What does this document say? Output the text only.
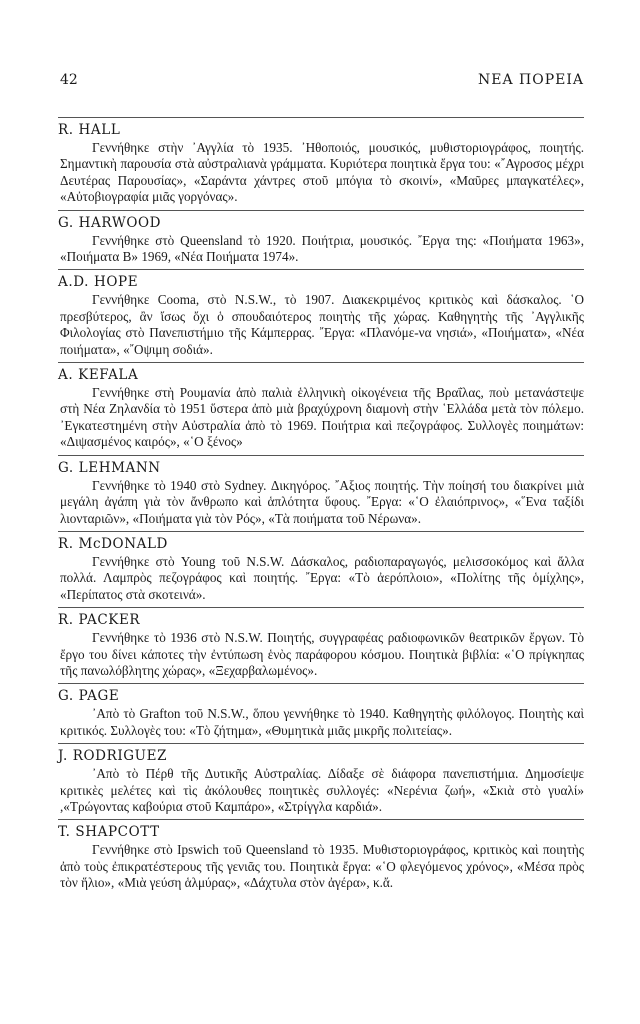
42	ΝΕΑ ΠΟΡΕΙΑ
R. HALL

Γεννήθηκε στὴν ᾿Αγγλία τὸ 1935. ᾿Ηθοποιός, μουσικός, μυθιστοριογράφος, ποιητής. Σημαντικὴ παρουσία στὰ αὐστραλιανὰ γράμματα. Κυριότερα ποιητικὰ ἔργα του: «῎Αγροσος μέχρι Δευτέρας Παρουσίας», «Σαράντα χάντρες στοῦ μπόγια τὸ σκοινί», «Μαῦρες μπαγκατέλες», «Αὐτοβιογραφία μιᾶς γοργόνας».

G. HARWOOD

Γεννήθηκε στὸ Queensland τὸ 1920. Ποιήτρια, μουσικός. ῎Εργα της: «Ποιήματα 1963», «Ποιήματα Β» 1969, «Νέα Ποιήματα 1974».

A.D. HOPE

Γεννήθηκε Cooma, στὸ N.S.W., τὸ 1907. Διακεκριμένος κριτικὸς καὶ δάσκαλος. ῾Ο πρεσβύτερος, ἂν ἴσως ὄχι ὁ σπουδαιότερος ποιητὴς τῆς χώρας. Καθηγητὴς τῆς ᾿Αγγλικῆς Φιλολογίας στὸ Πανεπιστήμιο τῆς Κάμπερρας. ῎Εργα: «Πλανόμε-να νησιά», «Ποιήματα», «Νέα ποιήματα», «῎Οψιμη σοδιά».

A. KEFALA

Γεννήθηκε στὴ Ρουμανία ἀπὸ παλιὰ ἑλληνικὴ οἰκογένεια τῆς Βραΐλας, ποὺ μετανάστεψε στὴ Νέα Ζηλανδία τὸ 1951 ὕστερα ἀπὸ μιὰ βραχύχρονη διαμονὴ στὴν ῾Ελλάδα μετὰ τὸν πόλεμο. ᾿Εγκατεστημένη στὴν Αὐστραλία ἀπὸ τὸ 1969. Ποιήτρια καὶ πεζογράφος. Συλλογὲς ποιημάτων: «Διψασμένος καιρός», «῾Ο ξένος»

G. LEHMANN

Γεννήθηκε τὸ 1940 στὸ Sydney. Δικηγόρος. ῎Αξιος ποιητής. Τὴν ποίησή του διακρίνει μιὰ μεγάλη ἀγάπη γιὰ τὸν ἄνθρωπο καὶ ἁπλότητα ὕφους. ῎Εργα: «῾Ο ἐλαιόπρινος», «῞Ενα ταξίδι λιονταριῶν», «Ποιήματα γιὰ τὸν Ρός», «Τὰ ποιήματα τοῦ Νέρωνα».

R. McDONALD

Γεννήθηκε στὸ Young τοῦ N.S.W. Δάσκαλος, ραδιοπαραγωγός, μελισσοκόμος καὶ ἄλλα πολλά. Λαμπρὸς πεζογράφος καὶ ποιητής. ῎Εργα: «Τὸ ἀερόπλοιο», «Πολίτης τῆς ὁμίχλης», «Περίπατος στὰ σκοτεινά».

R. PACKER

Γεννήθηκε τὸ 1936 στὸ N.S.W. Ποιητής, συγγραφέας ραδιοφωνικῶν θεατρικῶν ἔργων. Τὸ ἔργο του δίνει κάποτες τὴν ἐντύπωση ἑνὸς παράφορου κόσμου. Ποιητικὰ βιβλία: «῾Ο πρίγκηπας τῆς πανωλόβλητης χώρας», «Ξεχαρβαλωμένος».

G. PAGE

᾿Απὸ τὸ Grafton τοῦ N.S.W., ὅπου γεννήθηκε τὸ 1940. Καθηγητὴς φιλόλογος. Ποιητὴς καὶ κριτικός. Συλλογὲς του: «Τὸ ζήτημα», «Θυμητικὰ μιᾶς μικρῆς πολιτείας».

J. RODRIGUEZ

᾿Απὸ τὸ Πέρθ τῆς Δυτικῆς Αὐστραλίας. Δίδαξε σὲ διάφορα πανεπιστήμια. Δημοσίεψε κριτικὲς μελέτες καὶ τὶς ἀκόλουθες ποιητικὲς συλλογές: «Νερένια ζωή», «Σκιὰ στὸ γυαλί» ,«Τρώγοντας καβούρια στοῦ Καμπάρο», «Στρίγγλα καρδιά».

T. SHAPCOTT

Γεννήθηκε στὸ Ipswich τοῦ Queensland τὸ 1935. Μυθιστοριογράφος, κριτικὸς καὶ ποιητὴς ἀπὸ τοὺς ἐπικρατέστερους τῆς γενιᾶς του. Ποιητικὰ ἔργα: «῾Ο φλεγόμενος χρόνος», «Μέσα πρὸς τὸν ἥλιο», «Μιὰ γεύση ἁλμύρας», «Δάχτυλα στὸν ἀγέρα», κ.ἄ.
